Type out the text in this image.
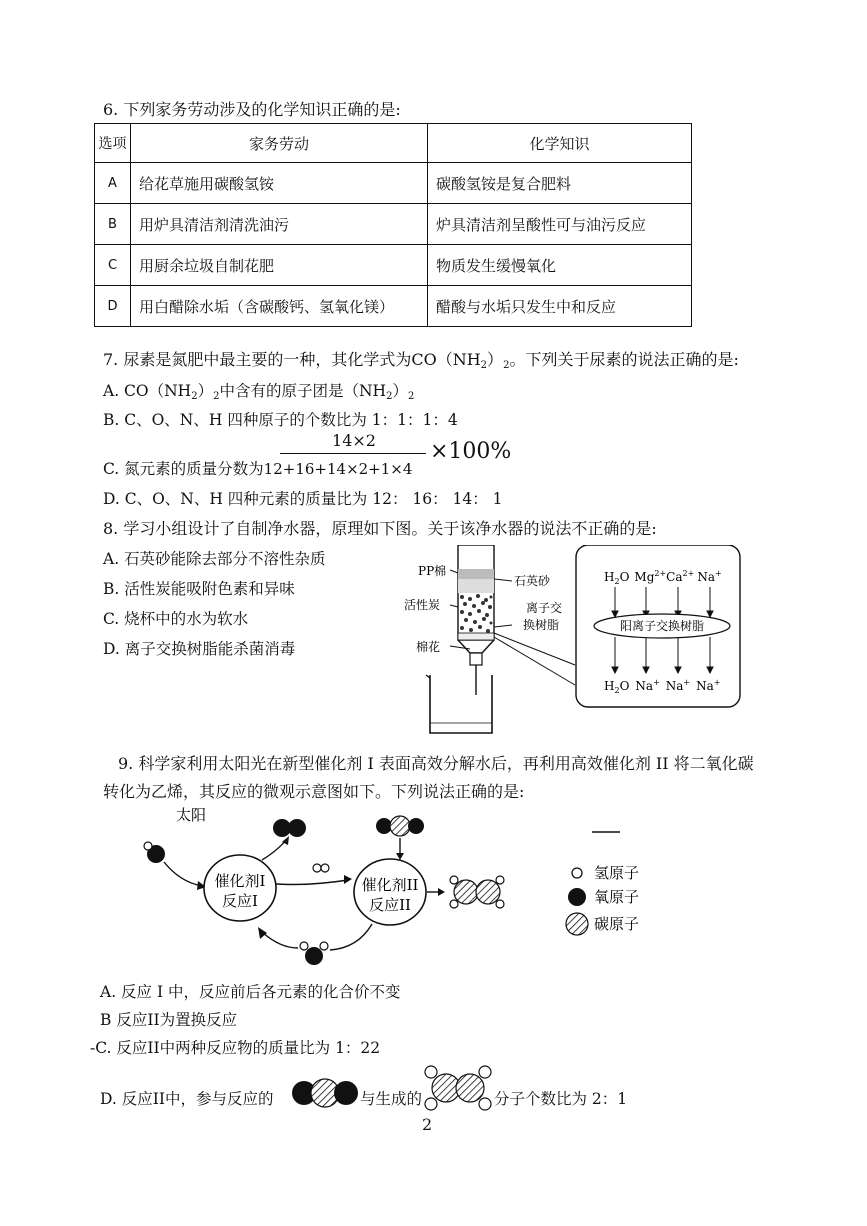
6. 下列家务劳动涉及的化学知识正确的是:
选项	家务劳动	化学知识
A	给花草施用碳酸氢铵	碳酸氢铵是复合肥料
B	用炉具清洁剂清洗油污	炉具清洁剂呈酸性可与油污反应
C	用厨余垃圾自制花肥	物质发生缓慢氧化
D	用白醋除水垢（含碳酸钙、氢氧化镁）	醋酸与水垢只发生中和反应
7. 尿素是氮肥中最主要的一种，其化学式为$CO(NH_2)_2$。下列关于尿素的说法正确的是:
A. $CO(NH_2)_2$中含有的原子团是$(NH_2)_2$
B. C、O、N、H 四种原子的个数比为 1：1：1：4
14×2
C. 氮元素的质量分数为12+16+14×2+1×4
×100%
D. C、O、N、H 四种元素的质量比为 12： 16： 14： 1
8. 学习小组设计了自制净水器，原理如下图。关于该净水器的说法不正确的是:
A. 石英砂能除去部分不溶性杂质
B. 活性炭能吸附色素和异味
C. 烧杯中的水为软水
D. 离子交换树脂能杀菌消毒
PP棉
石英砂
活性炭	离子交
换树脂
棉花
$H_2O$ $Mg^{2+}Ca^{2+}$ Na+
阳离子交换树脂
$H_2O$ Na+ Na+ Na+
9. 科学家利用太阳光在新型催化剂 I 表面高效分解水后，再利用高效催化剂 II 将二氧化碳
转化为乙烯，其反应的微观示意图如下。下列说法正确的是:
太阳
催化剂I
反应I
催化剂II
反应II
氢原子
氧原子
碳原子
A. 反应 I 中，反应前后各元素的化合价不变
B 反应II为置换反应
-C. 反应II中两种反应物的质量比为 1：22
D. 反应II中，参与反应的	与生成的	分子个数比为 2：1
2
